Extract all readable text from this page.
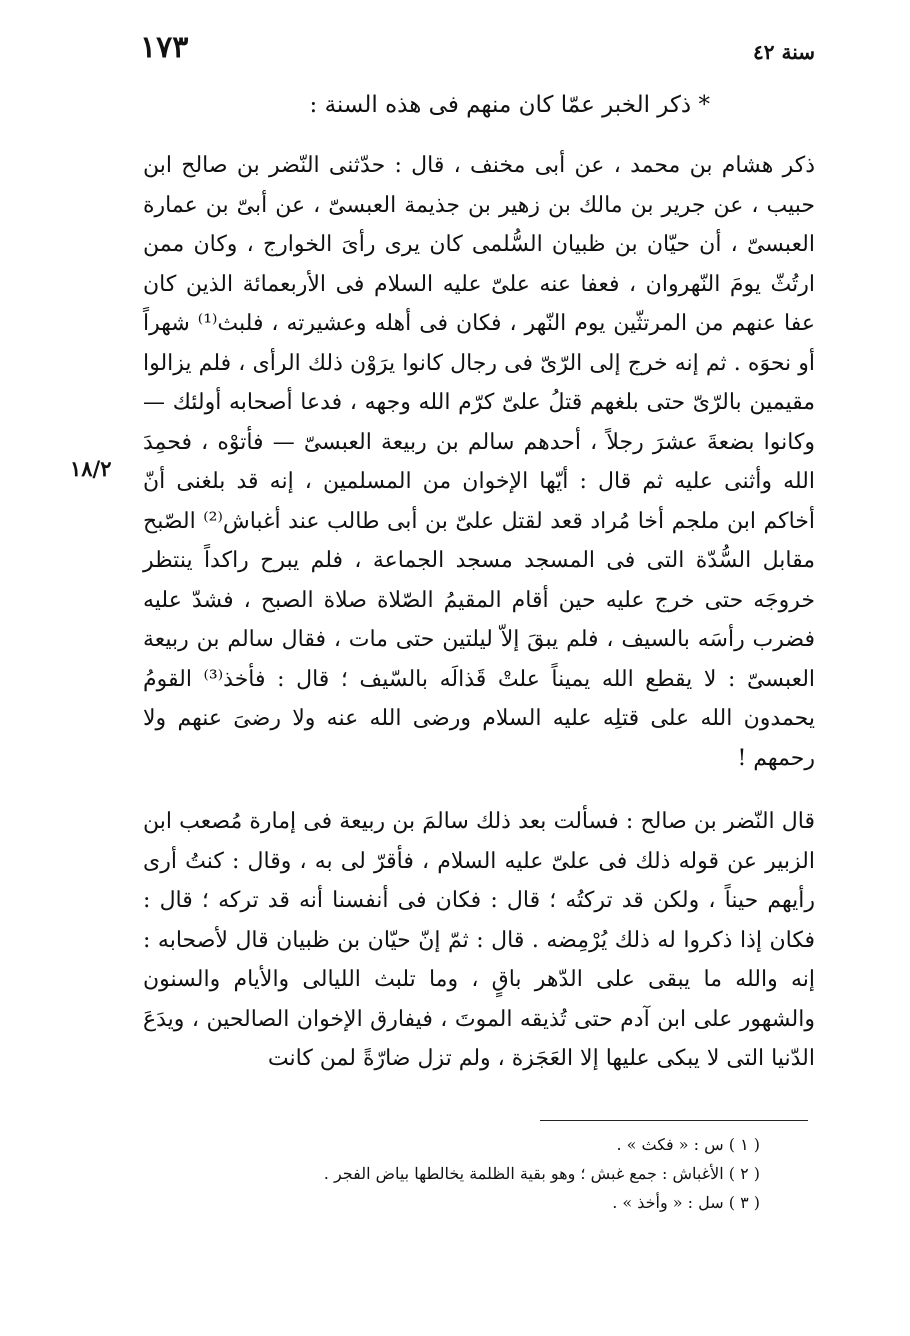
سنة ٤٢
١٧٣
* ذكر الخبر عمّا كان منهم فى هذه السنة :
ذكر هشام بن محمد ، عن أبى مخنف ، قال : حدّثنى النّضر بن صالح ابن حبيب ، عن جرير بن مالك بن زهير بن جذيمة العبسىّ ، عن أبىّ بن عمارة العبسىّ ، أن حيّان بن ظبيان السُّلمى كان يرى رأىَ الخوارج ، وكان ممن ارتُثّ يومَ النّهروان ، فعفا عنه علىّ عليه السلام فى الأربعمائة الذين كان عفا عنهم من المرتثّين يوم النّهر ، فكان فى أهله وعشيرته ، فلبث⁽¹⁾ شهراً أو نحوَه . ثم إنه خرج إلى الرّىّ فى رجال كانوا يرَوْن ذلك الرأى ، فلم يزالوا مقيمين بالرّىّ حتى بلغهم قتلُ علىّ كرّم الله وجهه ، فدعا أصحابه أولئك — وكانوا بضعةَ عشرَ رجلاً ، أحدهم سالم بن ربيعة العبسىّ — فأتوْه ، فحمِدَ الله وأثنى عليه ثم قال : أيّها الإخوان من المسلمين ، إنه قد بلغنى أنّ أخاكم ابن ملجم أخا مُراد قعد لقتل علىّ بن أبى طالب عند أغباش⁽²⁾ الصّبح مقابل السُّدّة التى فى المسجد مسجد الجماعة ، فلم يبرح راكداً ينتظر خروجَه حتى خرج عليه حين أقام المقيمُ الصّلاة صلاة الصبح ، فشدّ عليه فضرب رأسَه بالسيف ، فلم يبقَ إلاّ ليلتين حتى مات ، فقال سالم بن ربيعة العبسىّ : لا يقطع الله يميناً علتْ قَذالَه بالسّيف ؛ قال : فأخذ⁽³⁾ القومُ يحمدون الله على قتلِه عليه السلام ورضى الله عنه ولا رضىَ عنهم ولا رحمهم !
١٨/٢
قال النّضر بن صالح : فسألت بعد ذلك سالمَ بن ربيعة فى إمارة مُصعب ابن الزبير عن قوله ذلك فى علىّ عليه السلام ، فأقرّ لى به ، وقال : كنتُ أرى رأيهم حيناً ، ولكن قد تركتُه ؛ قال : فكان فى أنفسنا أنه قد تركه ؛ قال : فكان إذا ذكروا له ذلك يُرْمِضه . قال : ثمّ إنّ حيّان بن ظبيان قال لأصحابه : إنه والله ما يبقى على الدّهر باقٍ ، وما تلبث الليالى والأيام والسنون والشهور على ابن آدم حتى تُذيقه الموتَ ، فيفارق الإخوان الصالحين ، ويدَعَ الدّنيا التى لا يبكى عليها إلا العَجَزة ، ولم تزل ضارّةً لمن كانت
( ١ ) س : « فكث » .
( ٢ ) الأغباش : جمع غبش ؛ وهو بقية الظلمة يخالطها بياض الفجر .
( ٣ ) سل : « وأخذ » .
